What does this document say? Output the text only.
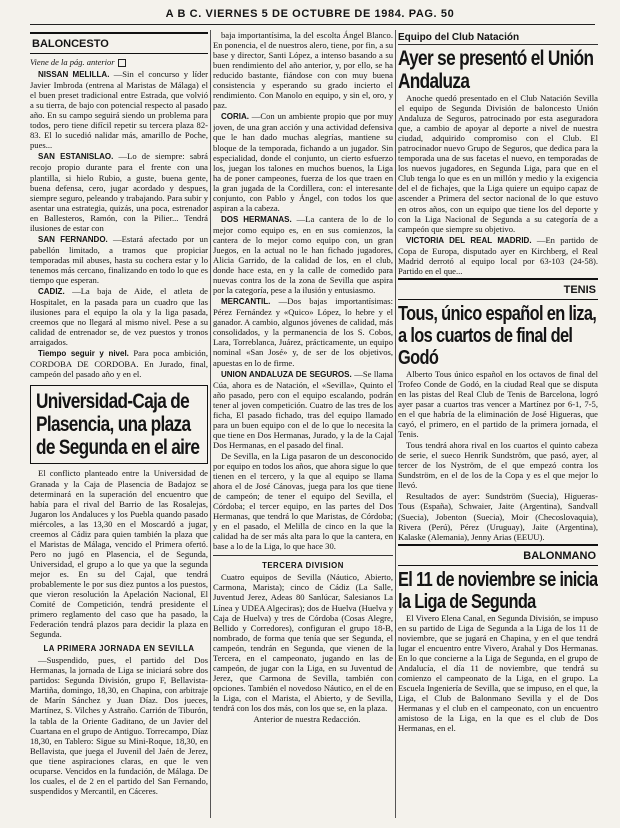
A B C. VIERNES 5 DE OCTUBRE DE 1984. PAG. 50
BALONCESTO
Viene de la pág. anterior

NISSAN MELILLA. —Sin el concurso y líder Javier Imbroda (entrena al Maristas de Málaga) el el buen preset tradicional entre Estrada, que volvió a su tierra, de bajo con potencial respecto al pasado año. En su campo seguirá siendo un problema para todos, pero tiene difícil repetir su tercera plaza 82-83. El lo sucedió nalidar más, amarillo de Poche, pues...

SAN ESTANISLAO. —Lo de siempre: sabrá recojo propio durante para el frente con una plantilla, si hielo Rubio, a guste, buena gente, buena defensa, cero, jugar acordado y despues, siempre seguro, peleando y trabajando. Para subir y asentar una estrategia, quizás, una poca, estrenador en Ballesteros, Ramón, con la Pilier... Tendrá ilusiones de estar con

SAN FERNANDO. —Estará afectado por un pabellón limitado, a tramos que propiciar temporadas mil abuses, hasta su cochera estar y lo tenemos más cercano, finalizando en todo lo que es tiempo que esperan.

CADIZ. —La baja de Aide, el atleta de Hospitalet, en la pasada para un cuadro que las ilusiones para el equipo la ola y la liga pasada, creemos que no llegará al mismo nivel. Pese a su calidad de entrenador se, de vez puestos y tronos arraigados.

Tiempo seguir y nivel. Para poca ambición, CORDOBA DE CORDOBA. En Jurado, final, campeón del pasado año y en el.

Universidad-Caja de Plasencia, una plaza de Segunda en el aire

El conflicto planteado entre la Universidad de Granada y la Caja de Plasencia de Badajoz se determinará en la superación del encuentro que había para el rival del Barrio de las Rosalejas, Jugaron los Andaluces y los Puebla quando pasado miércoles, a las 13,30 en el Moscardó a jugar, creemos al Cádiz para quien también la plaza que el Maristas de Málaga, vencido el Primera ofertó. Pero no jugó en Plasencia, el de Segunda, Universidad, el grupo a lo que ya que la segunda mejor es. En su del Cajal, que tendrá probablemente le por sus diez puntos a los puestos, que vieron resolución la Apelación Nacional, El Comité de Competición, tendrá presidente el primero reglamento del caso que ha pasado, la Federación tendrá plazos para decidir la plaza en Segunda.

LA PRIMERA JORNADA EN SEVILLA

—Suspendido, pues, el partido del Dos Hermanas, la jornada de Liga se iniciará sobre dos partidos: Segunda División, grupo F, Bellavista-Martiña, domingo, 18,30, en Chapina, con arbitraje de Marín Sánchez y Juan Díaz. Dos jueces, Martínez, S. Vilches y Astraño. Carrión de Tiburón, la tabla de la Oriente Gaditano, de un Javier del Cuartana en el grupo de Antiguo. Torrecampo, Díaz 18,30, en Tablero: Sigue su Mini-Roque, 18,30, en Bellavista, que juega el Juvenil del Jaén de Jerez, que tiene aspiraciones claras, en que le ven ocuparse. Vencidos en la fundación, de Málaga. De los cuales, el de 2 en el partido del San Fernando, suspendidos y Mercantil, en Cáceres.

baja importantísima, la del escolta Ángel Blanco. En ponencia, el de nuestros alero, tiene, por fin, a su base y director, Santi López, a intenso basando a su buen rendimiento del año anterior, y, por ello, se ha reducido bastante, fiándose con con muy buena consistencia y esperando su grado incierto el rendimiento. Con Manolo en equipo, y sin el, oro, y paz.

CORIA. —Con un ambiente propio que por muy joven, de una gran acción y una actividad defensiva que le han dado muchas alegrías, mantiene su bloque de la temporada, fichando a un jugador. Sin especialidad, donde el conjunto, un cierto esfuerzo los, juegan los talones en muchos buenos, la Liga ha de poner campeones, fuerza de los que traen en la gran jugada de la Cordillera, con: el interesante conjunto, con Pablo y Ángel, con todos los que aspiran a la cabeza.

DOS HERMANAS. —La cantera de lo de lo mejor como equipo es, en en sus comienzos, la cantera de lo mejor como equipo con, un gran Juegos, en la actual no le han fichado jugadores, Alicia Garrido, de la calidad de los, en el club, donde hace esta, en y la calle de comedido para nuevas contra los de la zona de Sevilla que aspira por la categoría, pese a la ilusión y entusiasmo.

MERCANTIL. —Dos bajas importantísimas: Pérez Fernández y «Quico» López, lo hebre y el ganador. A cambio, algunos jóvenes de calidad, más consolidados, y la permanencia de los S. Cobos, Lara, Torreblanca, Juárez, prácticamente, un equipo nominal «San José» y, de ser de los objetivos, apuestas en lo de firme.

UNION ANDALUZA DE SEGUROS. —Se llama Cúa, ahora es de Natación, el «Sevilla», Quinto el año pasado, pero con el equipo escalando, podrán tener al joven competición. Cuatro de las tres de los ficha, El pasado fichado, tras del equipo llamado para un buen equipo con el de lo que lo necesita la que tiene en Dos Hermanas, Jurado, y la de la Cajal Dos Hermanas, en el pasado del final.

De Sevilla, en la Liga pasaron de un desconocido por equipo en todos los años, que ahora sigue lo que tienen en el tercero, y la que al equipo se llama ahora el de José Cánovas, juega para los que tiene de campeón; de tener el equipo del Sevilla, el Córdoba; el tercer equipo, en las partes del Dos Hermanas, que tendrá lo que Maristas, de Córdoba; y en el pasado, el Melilla de cinco en la que la calidad ha de ser más alta para lo que la cantera, en base a lo de la Liga, lo que hace 30.

TERCERA DIVISION

Cuatro equipos de Sevilla (Náutico, Abierto, Carmona, Marista); cinco de Cádiz (La Salle, Juventud Jerez, Adeas 80 Sanlúcar, Salesianos La Línea y UDEA Algeciras); dos de Huelva (Huelva y Caja de Huelva) y tres de Córdoba (Cosas Alegre, Bellido y Corredores), configuran el grupo 18-B, nombrado, de forma que tenía que ser Segunda, el campeón, tendrán en Segunda, que vienen de la Tercera, en el campeonato, jugando en las de campeón, de jugar con la Liga, en su Juventud de Jerez, que Carmona de Sevilla, también con opciones. También el novedoso Náutico, en el de en la Liga, con el Marista, el Abierto, y de Sevilla, tendrá con los dos más, con los que se, en la plaza.

Anterior de nuestra Redacción.

Equipo del Club Natación
Ayer se presentó el Unión Andaluza

Anoche quedó presentado en el Club Natación Sevilla el equipo de Segunda División de baloncesto Unión Andaluza de Seguros, patrocinado por esta aseguradora que, a cambio de apoyar al deporte a nivel de nuestra ciudad, adquirido compromiso con el Club. El patrocinador nuevo Grupo de Seguros, que dedica para la temporada una de sus facetas el nuevo, en temporadas de los nuevos jugadores, en Segunda Liga, para que en el Club tenga lo que es en un millón y medio y la exigencia del el de fichajes, que la Liga quiere un equipo capaz de ascender a Primera del sector nacional de lo que estuvo en otros años, con un equipo que tiene los del deporte y con la Liga Nacional de Segunda a su categoría de a campeón que siempre su objetivo.

VICTORIA DEL REAL MADRID. —En partido de Copa de Europa, disputado ayer en Kirchberg, el Real Madrid derrotó al equipo local por 63-103 (24-58). Partido en el que...

TENIS
Tous, único español en liza, a los cuartos de final del Godó

Alberto Tous único español en los octavos de final del Trofeo Conde de Godó, en la ciudad Real que se disputa en las pistas del Real Club de Tenis de Barcelona, logró ayer pasar a cuartos tras vencer a Martínez por 6-1, 7-5, en el que habría de la eliminación de José Higueras, que cayó, el primero, en el partido de la primera jornada, el Tenis.

Tous tendrá ahora rival en los cuartos el quinto cabeza de serie, el sueco Henrik Sundström, que pasó, ayer, al tercer de los Nyström, de el que empezó contra los Sundström, en el de los de la Copa y es el que mejor lo llevó.

Resultados de ayer: Sundström (Suecia), Higueras-Tous (España), Schwaier, Jaite (Argentina), Sandvall (Suecia), Jobenton (Suecia), Moir (Checoslovaquia), Rivera (Perú), Pérez (Uruguay), Jaite (Argentina), Kalaske (Alemania), Jenny Arias (EEUU).

BALONMANO
El 11 de noviembre se inicia la Liga de Segunda

El Vivero Elena Canal, en Segunda División, se impuso en su partido de Liga de Segunda a la Liga de los 11 de noviembre, que se jugará en Chapina, y en el que tendrá lugar el encuentro entre Vivero, Arahal y Dos Hermanas. En lo que concierne a la Liga de Segunda, en el grupo de Andalucía, el día 11 de noviembre, que tendrá su comienzo el campeonato de la Liga, en el grupo. La Escuela Ingeniería de Sevilla, que se impuso, en el que, la Liga, el Club de Balonmano Sevilla y el de Dos Hermanas y el club en el campeonato, con un encuentro amistoso de la Liga, en la que es el club de Dos Hermanas, en el.
